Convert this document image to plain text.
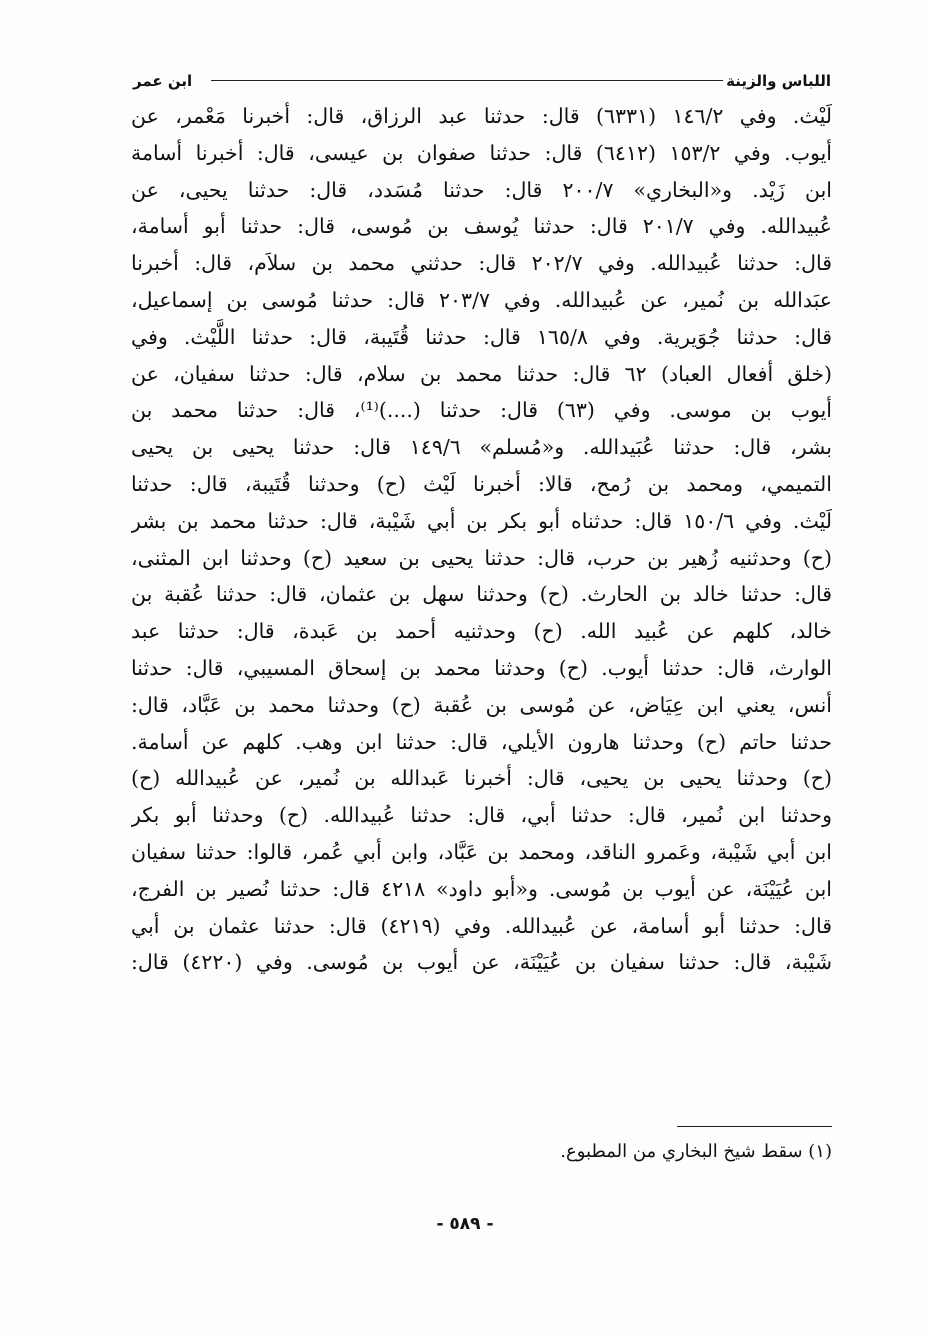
اللباس والزينة
ابن عمر
لَيْث. وفي ١٤٦/٢ (٦٣٣١) قال: حدثنا عبد الرزاق، قال: أخبرنا مَعْمر، عن
أيوب. وفي ١٥٣/٢ (٦٤١٢) قال: حدثنا صفوان بن عيسى، قال: أخبرنا أسامة
ابن زَيْد. و«البخاري» ٢٠٠/٧ قال: حدثنا مُسَدد، قال: حدثنا يحيى، عن
عُبيدالله. وفي ٢٠١/٧ قال: حدثنا يُوسف بن مُوسى، قال: حدثنا أبو أسامة،
قال: حدثنا عُبيدالله. وفي ٢٠٢/٧ قال: حدثني محمد بن سلاَم، قال: أخبرنا
عبَدالله بن نُمير، عن عُبيدالله. وفي ٢٠٣/٧ قال: حدثنا مُوسى بن إسماعيل،
قال: حدثنا جُوَيرية. وفي ١٦٥/٨ قال: حدثنا قُتَيبة، قال: حدثنا اللَّيْث. وفي
(خلق أفعال العباد) ٦٢ قال: حدثنا محمد بن سلام، قال: حدثنا سفيان، عن
أيوب بن موسى. وفي (٦٣) قال: حدثنا (....)⁽¹⁾، قال: حدثنا محمد بن
بشر، قال: حدثنا عُبَيدالله. و«مُسلم» ١٤٩/٦ قال: حدثنا يحيى بن يحيى
التميمي، ومحمد بن رُمح، قالا: أخبرنا لَيْث (ح) وحدثنا قُتَيبة، قال: حدثنا
لَيْث. وفي ١٥٠/٦ قال: حدثناه أبو بكر بن أبي شَيْبة، قال: حدثنا محمد بن بشر
(ح) وحدثنيه زُهير بن حرب، قال: حدثنا يحيى بن سعيد (ح) وحدثنا ابن المثنى،
قال: حدثنا خالد بن الحارث. (ح) وحدثنا سهل بن عثمان، قال: حدثنا عُقبة بن
خالد، كلهم عن عُبيد الله. (ح) وحدثنيه أحمد بن عَبدة، قال: حدثنا عبد
الوارث، قال: حدثنا أيوب. (ح) وحدثنا محمد بن إسحاق المسيبي، قال: حدثنا
أنس، يعني ابن عِيَاض، عن مُوسى بن عُقبة (ح) وحدثنا محمد بن عَبَّاد، قال:
حدثنا حاتم (ح) وحدثنا هارون الأيلي، قال: حدثنا ابن وهب. كلهم عن أسامة.
(ح) وحدثنا يحيى بن يحيى، قال: أخبرنا عَبدالله بن نُمير، عن عُبيدالله (ح)
وحدثنا ابن نُمير، قال: حدثنا أبي، قال: حدثنا عُبيدالله. (ح) وحدثنا أبو بكر
ابن أبي شَيْبة، وعَمرو الناقد، ومحمد بن عَبَّاد، وابن أبي عُمر، قالوا: حدثنا سفيان
ابن عُيَيْنَة، عن أيوب بن مُوسى. و«أبو داود» ٤٢١٨ قال: حدثنا نُصير بن الفرج،
قال: حدثنا أبو أسامة، عن عُبيدالله. وفي (٤٢١٩) قال: حدثنا عثمان بن أبي
شَيْبة، قال: حدثنا سفيان بن عُيَيْنَة، عن أيوب بن مُوسى. وفي (٤٢٢٠) قال:
(١) سقط شيخ البخاري من المطبوع.
- ٥٨٩ -
